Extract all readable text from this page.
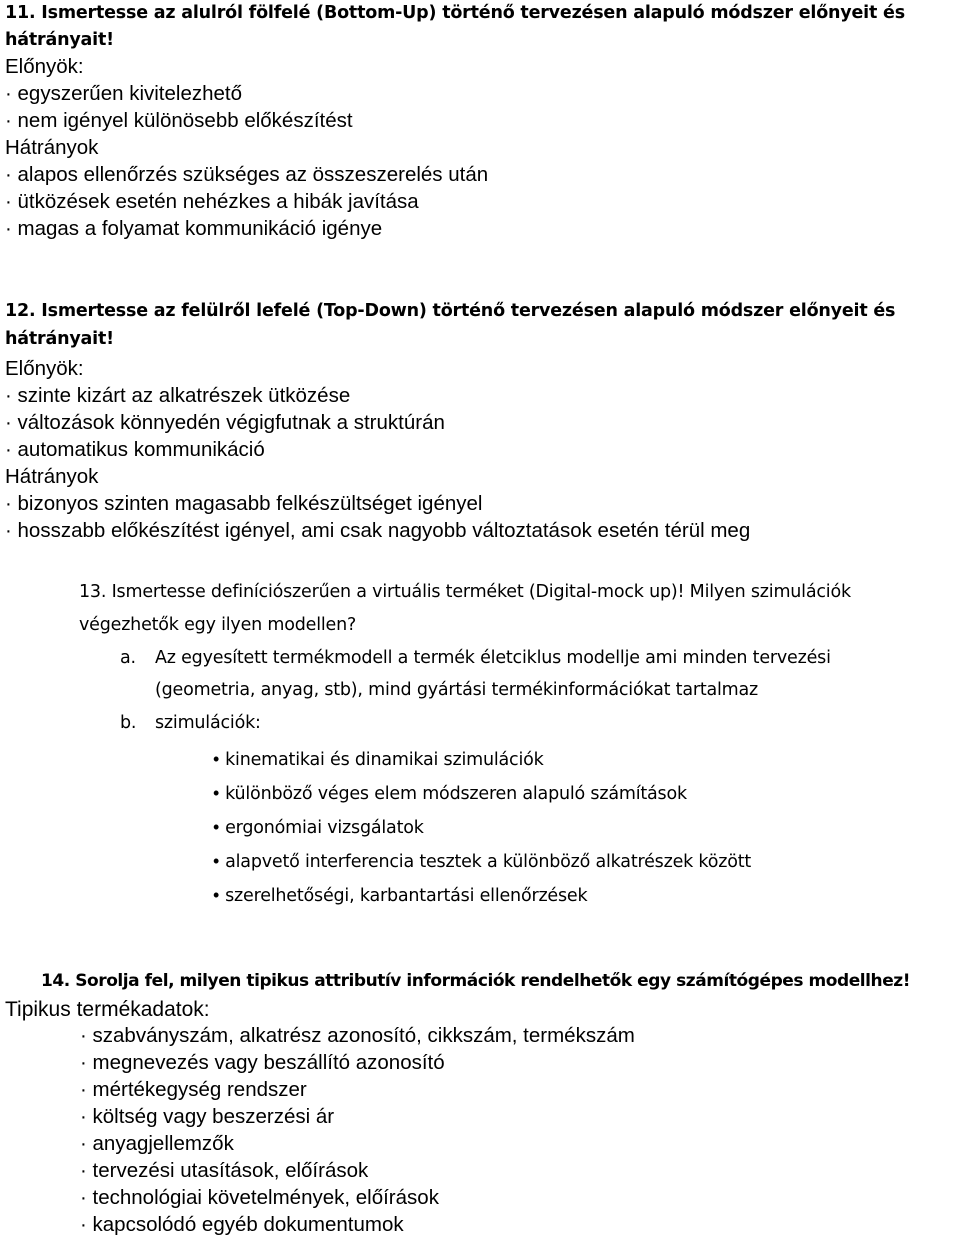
11. Ismertesse az alulról fölfelé (Bottom-Up) történő tervezésen alapuló módszer előnyeit és
hátrányait!
Előnyök:
· egyszerűen kivitelezhető
· nem igényel különösebb előkészítést
Hátrányok
· alapos ellenőrzés szükséges az összeszerelés után
· ütközések esetén nehézkes a hibák javítása
· magas a folyamat kommunikáció igénye
12. Ismertesse az felülről lefelé (Top-Down) történő tervezésen alapuló módszer előnyeit és
hátrányait!
Előnyök:
· szinte kizárt az alkatrészek ütközése
· változások könnyedén végigfutnak a struktúrán
· automatikus kommunikáció
Hátrányok
· bizonyos szinten magasabb felkészültséget igényel
· hosszabb előkészítést igényel, ami csak nagyobb változtatások esetén térül meg
13. Ismertesse definíciószerűen a virtuális terméket (Digital-mock up)! Milyen szimulációk
végezhetők egy ilyen modellen?
a. Az egyesített termékmodell a termék életciklus modellje ami minden tervezési
(geometria, anyag, stb), mind gyártási termékinformációkat tartalmaz
b. szimulációk:
• kinematikai és dinamikai szimulációk
• különböző véges elem módszeren alapuló számítások
• ergonómiai vizsgálatok
• alapvető interferencia tesztek a különböző alkatrészek között
• szerelhetőségi, karbantartási ellenőrzések
14. Sorolja fel, milyen tipikus attributív információk rendelhetők egy számítógépes modellhez!
Tipikus termékadatok:
· szabványszám, alkatrész azonosító, cikkszám, termékszám
· megnevezés vagy beszállító azonosító
· mértékegység rendszer
· költség vagy beszerzési ár
· anyagjellemzők
· tervezési utasítások, előírások
· technológiai követelmények, előírások
· kapcsolódó egyéb dokumentumok
